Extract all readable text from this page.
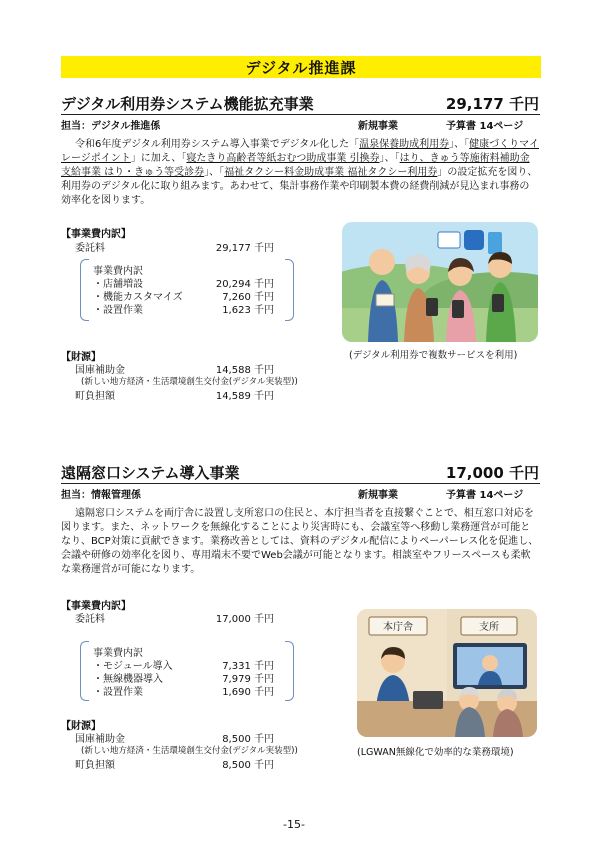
デジタル推進課
デジタル利用券システム機能拡充事業	29,177 千円
担当：デジタル推進係	新規事業	予算書 14ページ
令和6年度デジタル利用券システム導入事業でデジタル化した「温泉保養助成利用券」、「健康づくりマイレージポイント」に加え、「寝たきり高齢者等紙おむつ助成事業 引換券」、「はり、きゅう等施術料補助金支給事業 はり・きゅう等受診券」、「福祉タクシー料金助成事業 福祉タクシー利用券」の設定拡充を図り、利用券のデジタル化に取り組みます。あわせて、集計事務作業や印刷製本費の経費削減が見込まれ事務の効率化を図ります。
【事業費内訳】
委託料	29,177 千円
事業費内訳
・店舗増設	20,294 千円
・機能カスタマイズ	7,260 千円
・設置作業	1,623 千円
【財源】
国庫補助金	14,588 千円
(新しい地方経済・生活環境創生交付金(デジタル実装型))
町負担額	14,589 千円
(デジタル利用券で複数サービスを利用)
遠隔窓口システム導入事業	17,000 千円
担当：情報管理係	新規事業	予算書 14ページ
遠隔窓口システムを両庁舎に設置し支所窓口の住民と、本庁担当者を直接繋ぐことで、相互窓口対応を図ります。また、ネットワークを無線化することにより災害時にも、会議室等へ移動し業務運営が可能となり、BCP対策に貢献できます。業務改善としては、資料のデジタル配信によりペーパーレス化を促進し、会議や研修の効率化を図り、専用端末不要でWeb会議が可能となります。相談室やフリースペースも柔軟な業務運営が可能になります。
【事業費内訳】
委託料	17,000 千円
事業費内訳
・モジュール導入	7,331 千円
・無線機器導入	7,979 千円
・設置作業	1,690 千円
【財源】
国庫補助金	8,500 千円
(新しい地方経済・生活環境創生交付金(デジタル実装型))
町負担額	8,500 千円
本庁舎	支所
(LGWAN無線化で効率的な業務環境)
-15-
